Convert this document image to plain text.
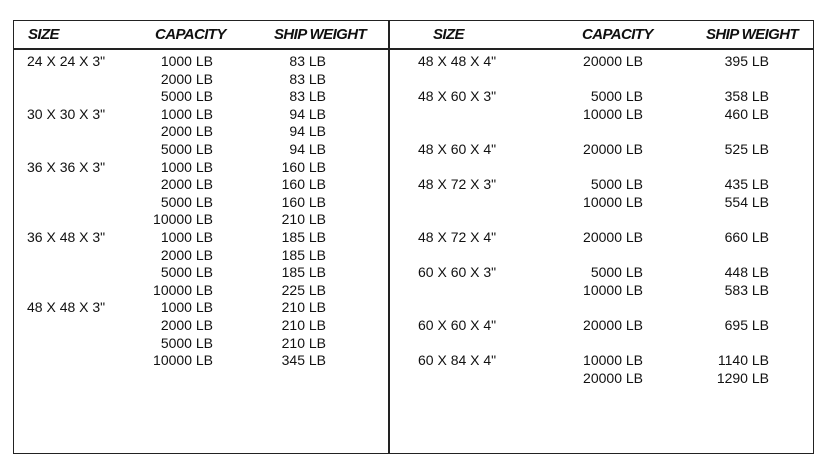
SIZE	CAPACITY	SHIP WEIGHT	SIZE	CAPACITY	SHIP WEIGHT
24 X 24 X 3"	1000 LB	83 LB
2000 LB	83 LB
5000 LB	83 LB
30 X 30 X 3"	1000 LB	94 LB
2000 LB	94 LB
5000 LB	94 LB
36 X 36 X 3"	1000 LB	160 LB
2000 LB	160 LB
5000 LB	160 LB
10000 LB	210 LB
36 X 48 X 3"	1000 LB	185 LB
2000 LB	185 LB
5000 LB	185 LB
10000 LB	225 LB
48 X 48 X 3"	1000 LB	210 LB
2000 LB	210 LB
5000 LB	210 LB
10000 LB	345 LB
48 X 48 X 4"	20000 LB	395 LB
48 X 60 X 3"	5000 LB	358 LB
10000 LB	460 LB
48 X 60 X 4"	20000 LB	525 LB
48 X 72 X 3"	5000 LB	435 LB
10000 LB	554 LB
48 X 72 X 4"	20000 LB	660 LB
60 X 60 X 3"	5000 LB	448 LB
10000 LB	583 LB
60 X 60 X 4"	20000 LB	695 LB
60 X 84 X 4"	10000 LB	1140 LB
20000 LB	1290 LB
